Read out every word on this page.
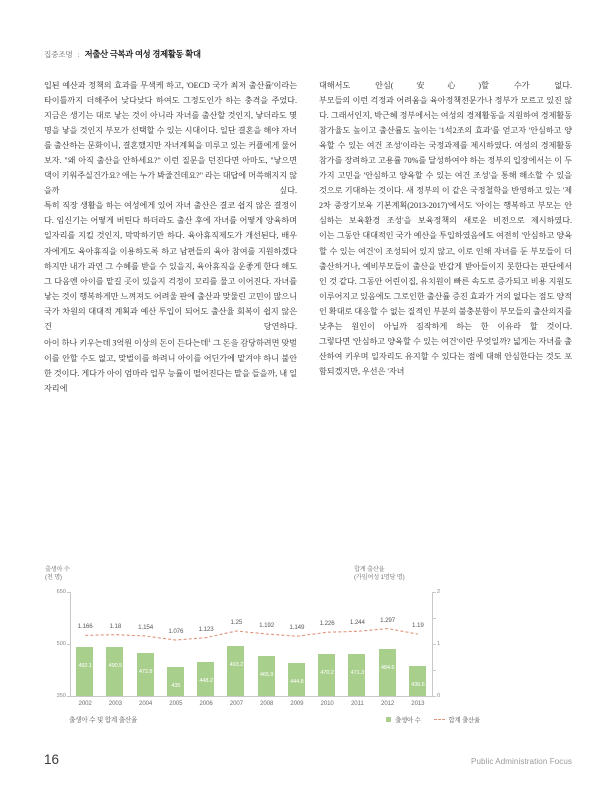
집중조명 : 저출산 극복과 여성 경제활동 확대

입된 예산과 정책의 효과를 무색케 하고, 'OECD 국가 최저 출산률'이라는 타이틀까지 더해주어 낮다낮다 하여도 그정도인가 하는 충격을 주었다.

지금은 생기는 대로 낳는 것이 아니라 자녀를 출산할 것인지, 낳더라도 몇 명을 낳을 것인지 부모가 선택할 수 있는 시대이다. 일단 결혼을 해야 자녀를 출산하는 문화이니, 결혼했지만 자녀계획을 미루고 있는 커플에게 물어보자. "왜 아직 출산을 안하세요?" 이런 질문을 던진다면 아마도, "낳으면 댁이 키워주실건가요? 애는 누가 봐줄건데요?" 라는 대답에 머쓱해지지 않을까 싶다.

특히 직장 생활을 하는 여성에게 있어 자녀 출산은 결코 쉽지 않은 결정이다. 임신기는 어떻게 버틴다 하더라도 출산 후에 자녀를 어떻게 양육하며 일자리를 지킬 것인지, 막막하기만 하다. 육아휴직제도가 개선된다, 배우자에게도 육아휴직을 이용하도록 하고 남편들의 육아 참여를 지원하겠다 하지만 내가 과연 그 수혜를 받을 수 있을지, 육아휴직을 운좋게 한다 해도 그 다음엔 아이를 맡길 곳이 있을지 걱정이 꼬리를 물고 이어진다. 자녀를 낳는 것이 행복하게만 느껴져도 어려울 판에 출산과 맞물린 고민이 많으니 국가 차원의 대대적 계획과 예산 투입이 되어도 출산율 회복이 쉽지 않은 건 당연하다.

아이 하나 키우는데 3억원 이상의 돈이 든다는데$^1$ 그 돈을 감당하려면 맞벌이를 안할 수도 없고, 맞벌이를 하려니 아이를 어딘가에 맡겨야 하니 불안한 것이다. 게다가 아이 엄마라 업무 능률이 떨어진다는 말을 들을까, 내 일자리에

대해서도 안심(安心)할 수가 없다.

부모들의 이런 걱정과 어려움을 육아정책전문가나 정부가 모르고 있진 않다. 그래서인지, 박근혜 정부에서는 여성의 경제활동을 지원하여 경제활동참가율도 높이고 출산률도 높이는 '1석2조의 효과'를 얻고자 '안심하고 양육할 수 있는 여건 조성'이라는 국정과제를 제시하였다. 여성의 경제활동참가를 장려하고 고용률 70%를 달성하여야 하는 정부의 입장에서는 이 두 가지 고민을 '안심하고 양육할 수 있는 여건 조성'을 통해 해소할 수 있을 것으로 기대하는 것이다. 새 정부의 이 같은 국정철학을 반영하고 있는 '제2차 중장기보육 기본계획(2013-2017)'에서도 '아이는 행복하고 부모는 안심하는 보육환경 조성'을 보육정책의 새로운 비전으로 제시하였다.

이는 그동안 대대적인 국가 예산을 투입하였음에도 여전히 '안심하고 양육할 수 있는 여건'이 조성되어 있지 않고, 이로 인해 자녀를 둔 부모들이 더 출산하거나, 예비부모들이 출산을 반갑게 받아들이지 못한다는 판단에서 인 것 같다. 그동안 어린이집, 유치원이 빠른 속도로 증가되고 비용 지원도 이루어지고 있음에도 그로인한 출산률 증진 효과가 거의 없다는 점도 양적인 확대로 대응할 수 없는 질적인 부분의 불충분함이 부모들의 출산의지를 낮추는 원인이 아닐까 짐작하게 하는 한 이유라 할 것이다.

그렇다면 '안심하고 양육할 수 있는 여건'이란 무엇일까? 넓게는 자녀를 출산하여 키우며 일자리도 유지할 수 있다는 점에 대해 안심한다는 것도 포함되겠지만, 우선은 '자녀

출생아 수
(천 명)
합계 출산율
(가임여성 1명당 명)
650
500
350
2
1
0
492.1	490.5
472.8
435
448.2
493.2
465.9
444.8
470.2	471.3
484.6
436.6
1.166	1.18	1.154
1.076	1.123
1.25	1.192	1.149
1.226	1.244	1.297
1.19
2002	2003	2004	2005	2006	2007	2008	2009	2010	2011	2012	2013
출생아 수 및 합계 출산율	출생아 수	합계 출산율
16	Public Administration Focus
